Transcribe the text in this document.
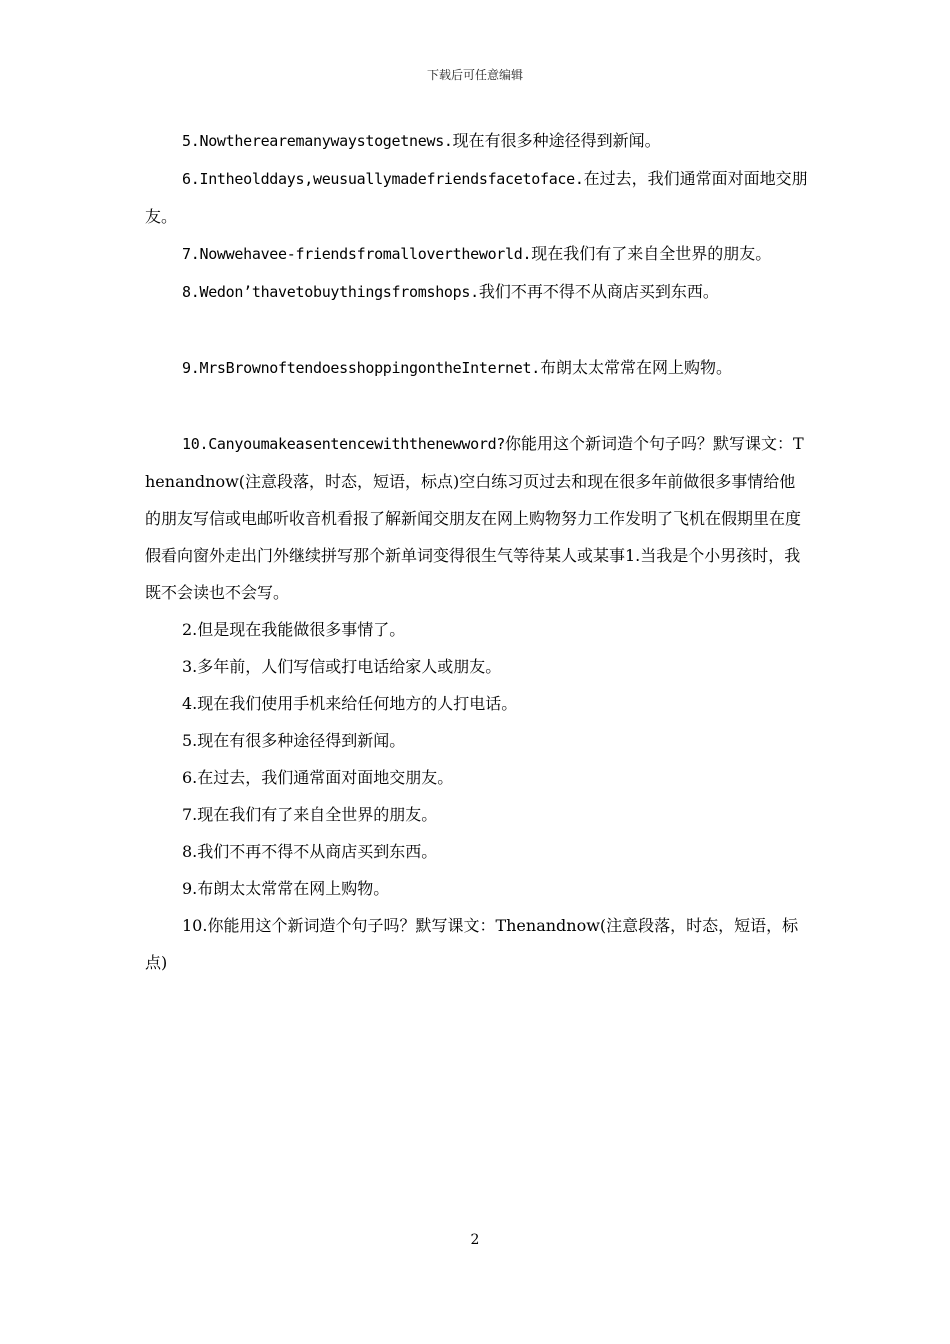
下载后可任意编辑

5.Nowtherearemanywaystogetnews.现在有很多种途径得到新闻。

6.Intheolddays,weusuallymadefriendsfacetoface.在过去，我们通常面对面地交朋友。

7.Nowwehavee-friendsfromallovertheworld.现在我们有了来自全世界的朋友。

8.Wedon’thavetobuythingsfromshops.我们不再不得不从商店买到东西。

9.MrsBrownoftendoesshoppingontheInternet.布朗太太常常在网上购物。

10.Canyoumakeasentencewiththenewword?你能用这个新词造个句子吗？默写课文：Thenandnow(注意段落，时态，短语，标点)空白练习页过去和现在很多年前做很多事情给他的朋友写信或电邮听收音机看报了解新闻交朋友在网上购物努力工作发明了飞机在假期里在度假看向窗外走出门外继续拼写那个新单词变得很生气等待某人或某事1.当我是个小男孩时，我既不会读也不会写。

2.但是现在我能做很多事情了。

3.多年前，人们写信或打电话给家人或朋友。

4.现在我们使用手机来给任何地方的人打电话。

5.现在有很多种途径得到新闻。

6.在过去，我们通常面对面地交朋友。

7.现在我们有了来自全世界的朋友。

8.我们不再不得不从商店买到东西。

9.布朗太太常常在网上购物。

10.你能用这个新词造个句子吗？默写课文：Thenandnow(注意段落，时态，短语，标点)

2
